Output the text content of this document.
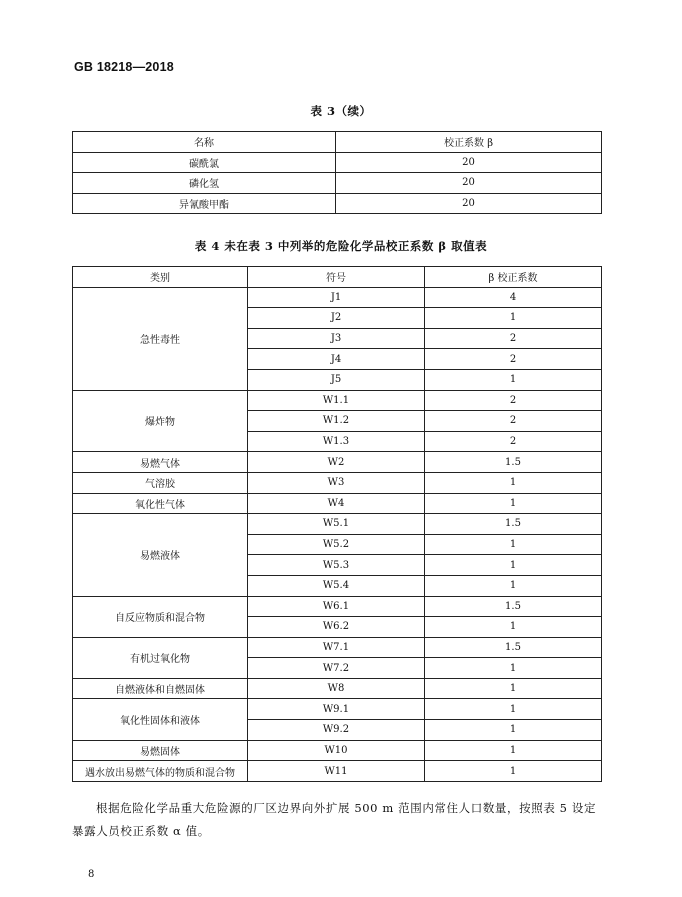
GB 18218—2018
表 3（续）
名称	校正系数 β
碳酰氯	20
磷化氢	20
异氰酸甲酯	20
表 4 未在表 3 中列举的危险化学品校正系数 β 取值表
类别	符号	β 校正系数
急性毒性	J1	4
	J2	1
	J3	2
	J4	2
	J5	1
爆炸物	W1.1	2
	W1.2	2
	W1.3	2
易燃气体	W2	1.5
气溶胶	W3	1
氧化性气体	W4	1
易燃液体	W5.1	1.5
	W5.2	1
	W5.3	1
	W5.4	1
自反应物质和混合物	W6.1	1.5
	W6.2	1
有机过氧化物	W7.1	1.5
	W7.2	1
自燃液体和自燃固体	W8	1
氧化性固体和液体	W9.1	1
	W9.2	1
易燃固体	W10	1
遇水放出易燃气体的物质和混合物	W11	1

根据危险化学品重大危险源的厂区边界向外扩展 500 m 范围内常住人口数量，按照表 5 设定暴露人员校正系数 α 值。

8
